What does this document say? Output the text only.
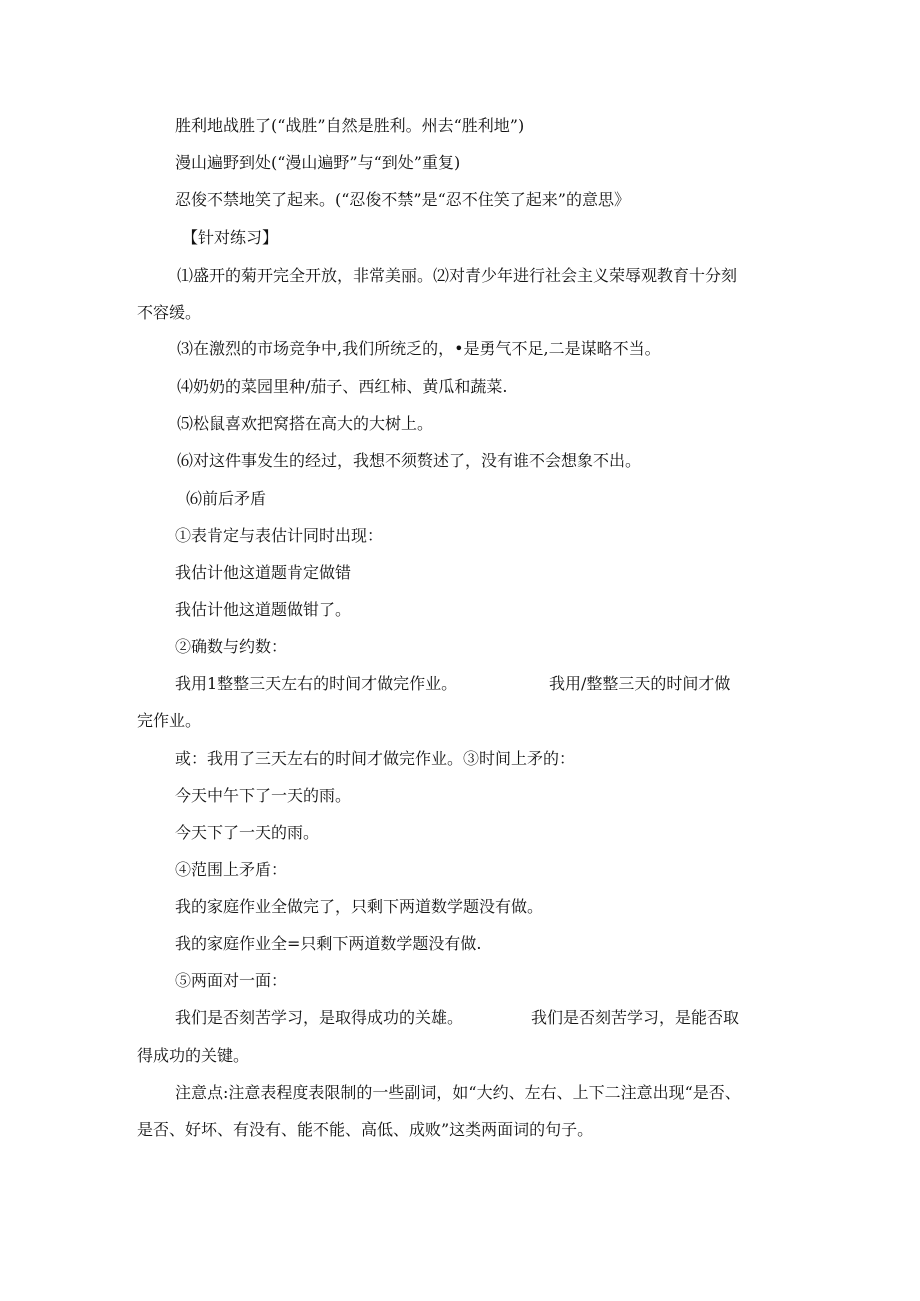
胜利地战胜了(“战胜”自然是胜利。州去“胜利地”)

漫山遍野到处(“漫山遍野”与“到处”重复)

忍俊不禁地笑了起来。(“忍俊不禁”是“忍不住笑了起来”的意思》

【针对练习】

⑴盛开的菊开完全开放，非常美丽。⑵对青少年进行社会主义荣辱观教育十分刻

不容缓。

⑶在激烈的市场竞争中,我们所统乏的，•是勇气不足,二是谋略不当。

⑷奶奶的菜园里种/茄子、西红柿、黄瓜和蔬菜.

⑸松鼠喜欢把窝搭在高大的大树上。

⑹对这件事发生的经过，我想不须赘述了，没有谁不会想象不出。

⑹前后矛盾

①表肯定与表估计同时出现：

我估计他这道题肯定做错

我估计他这道题做钳了。

②确数与约数：

我用1整整三天左右的时间才做完作业。	我用/整整三天的时间才做

完作业。

或：我用了三天左右的时间才做完作业。③时间上矛的：

今天中午下了一天的雨。

今天下了一天的雨。

④范围上矛盾：

我的家庭作业全做完了，只剩下两道数学题没有做。

我的家庭作业全=只剩下两道数学题没有做.

⑤两面对一面：

我们是否刻苦学习，是取得成功的关雄。	我们是否刻苦学习，是能否取

得成功的关键。

注意点:注意表程度表限制的一些副词，如“大约、左右、上下二注意出现“是否、

是否、好坏、有没有、能不能、高低、成败”这类两面词的句子。
